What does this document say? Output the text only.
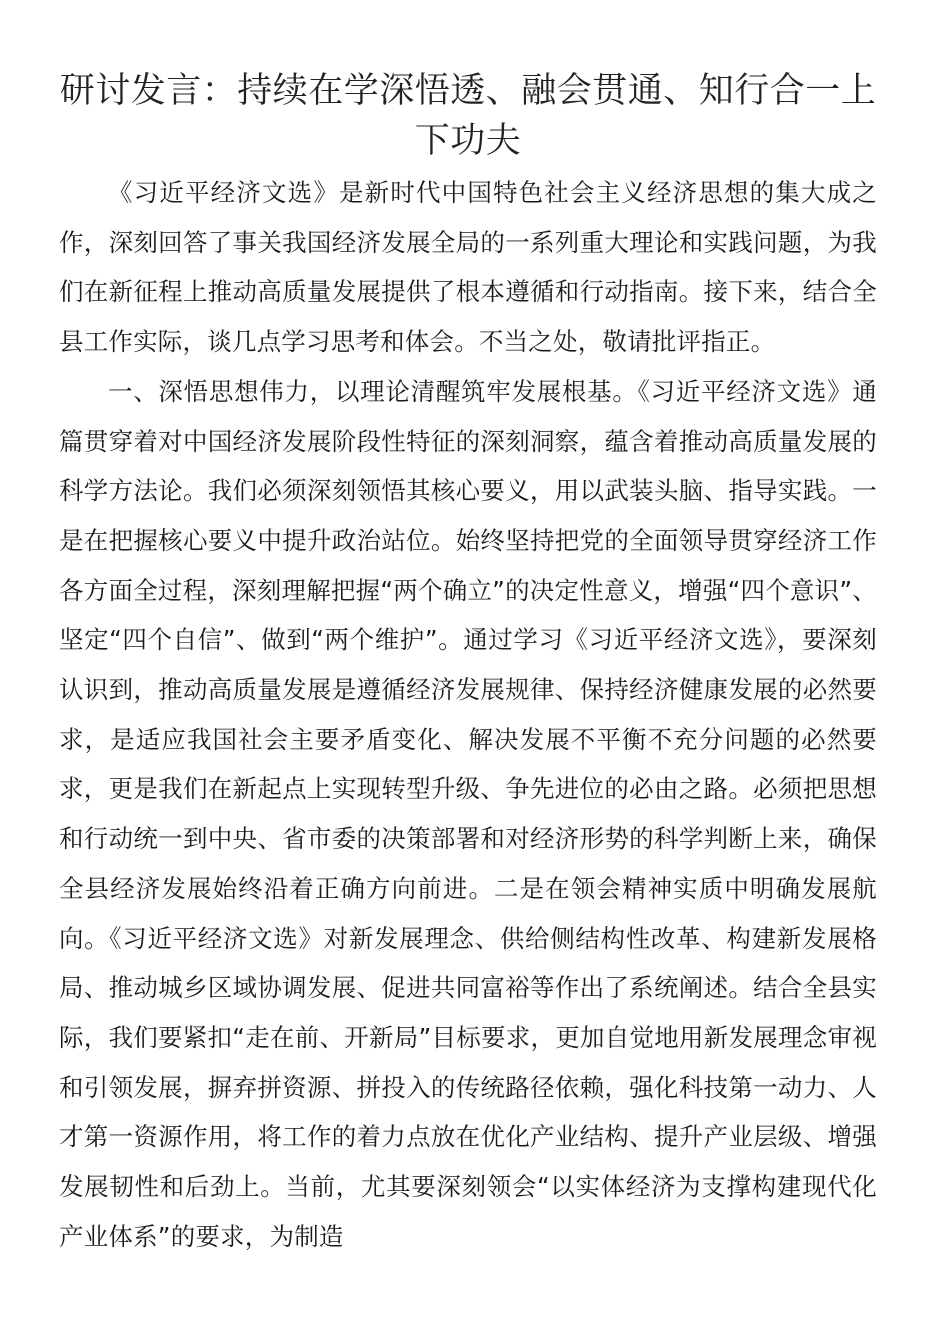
研讨发言：持续在学深悟透、融会贯通、知行合一上下功夫

《习近平经济文选》是新时代中国特色社会主义经济思想的集大成之作，深刻回答了事关我国经济发展全局的一系列重大理论和实践问题，为我们在新征程上推动高质量发展提供了根本遵循和行动指南。接下来，结合全县工作实际，谈几点学习思考和体会。不当之处，敬请批评指正。

一、深悟思想伟力，以理论清醒筑牢发展根基。《习近平经济文选》通篇贯穿着对中国经济发展阶段性特征的深刻洞察，蕴含着推动高质量发展的科学方法论。我们必须深刻领悟其核心要义，用以武装头脑、指导实践。一是在把握核心要义中提升政治站位。始终坚持把党的全面领导贯穿经济工作各方面全过程，深刻理解把握“两个确立”的决定性意义，增强“四个意识”、坚定“四个自信”、做到“两个维护”。通过学习《习近平经济文选》，要深刻认识到，推动高质量发展是遵循经济发展规律、保持经济健康发展的必然要求，是适应我国社会主要矛盾变化、解决发展不平衡不充分问题的必然要求，更是我们在新起点上实现转型升级、争先进位的必由之路。必须把思想和行动统一到中央、省市委的决策部署和对经济形势的科学判断上来，确保全县经济发展始终沿着正确方向前进。二是在领会精神实质中明确发展航向。《习近平经济文选》对新发展理念、供给侧结构性改革、构建新发展格局、推动城乡区域协调发展、促进共同富裕等作出了系统阐述。结合全县实际，我们要紧扣“走在前、开新局”目标要求，更加自觉地用新发展理念审视和引领发展，摒弃拼资源、拼投入的传统路径依赖，强化科技第一动力、人才第一资源作用，将工作的着力点放在优化产业结构、提升产业层级、增强发展韧性和后劲上。当前，尤其要深刻领会“以实体经济为支撑构建现代化产业体系”的要求，为制造
